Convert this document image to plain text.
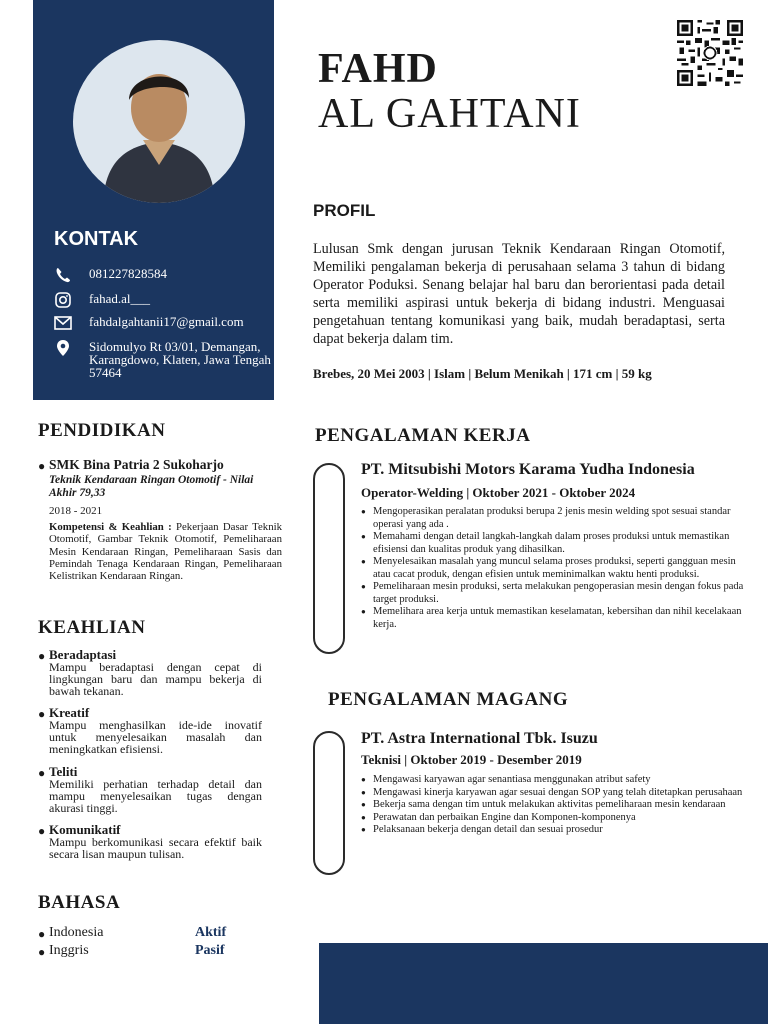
KONTAK
081227828584
fahad.al___
fahdalgahtanii17@gmail.com
Sidomulyo Rt 03/01, Demangan, Karangdowo, Klaten, Jawa Tengah 57464
FAHD
AL GAHTANI
PROFIL
Lulusan Smk dengan jurusan Teknik Kendaraan Ringan Otomotif, Memiliki pengalaman bekerja di perusahaan selama 3 tahun di bidang Operator Poduksi. Senang belajar hal baru dan berorientasi pada detail serta memiliki aspirasi untuk bekerja di bidang industri. Menguasai pengetahuan tentang komunikasi yang baik, mudah beradaptasi, serta dapat bekerja dalam tim.
Brebes, 20 Mei 2003 | Islam | Belum Menikah | 171 cm | 59 kg
PENDIDIKAN
● SMK Bina Patria 2 Sukoharjo
Teknik Kendaraan Ringan Otomotif - Nilai Akhir 79,33
2018 - 2021
Kompetensi & Keahlian : Pekerjaan Dasar Teknik Otomotif, Gambar Teknik Otomotif, Pemeliharaan Mesin Kendaraan Ringan, Pemeliharaan Sasis dan Pemindah Tenaga Kendaraan Ringan, Pemeliharaan Kelistrikan Kendaraan Ringan.
KEAHLIAN
● Beradaptasi
Mampu beradaptasi dengan cepat di lingkungan baru dan mampu bekerja di bawah tekanan.
● Kreatif
Mampu menghasilkan ide-ide inovatif untuk menyelesaikan masalah dan meningkatkan efisiensi.
● Teliti
Memiliki perhatian terhadap detail dan mampu menyelesaikan tugas dengan akurasi tinggi.
● Komunikatif
Mampu berkomunikasi secara efektif baik secara lisan maupun tulisan.
BAHASA
● Indonesia	Aktif
● Inggris	Pasif
PENGALAMAN KERJA
PT. Mitsubishi Motors Karama Yudha Indonesia
Operator-Welding | Oktober 2021 - Oktober 2024
● Mengoperasikan peralatan produksi berupa 2 jenis mesin welding spot sesuai standar operasi yang ada .
● Memahami dengan detail langkah-langkah dalam proses produksi untuk memastikan efisiensi dan kualitas produk yang dihasilkan.
● Menyelesaikan masalah yang muncul selama proses produksi, seperti gangguan mesin atau cacat produk, dengan efisien untuk meminimalkan waktu henti produksi.
● Pemeliharaan mesin produksi, serta melakukan pengoperasian mesin dengan fokus pada target produksi.
● Memelihara area kerja untuk memastikan keselamatan, kebersihan dan nihil kecelakaan kerja.
PENGALAMAN MAGANG
PT. Astra International Tbk. Isuzu
Teknisi | Oktober 2019 - Desember 2019
● Mengawasi karyawan agar senantiasa menggunakan atribut safety
● Mengawasi kinerja karyawan agar sesuai dengan SOP yang telah ditetapkan perusahaan
● Bekerja sama dengan tim untuk melakukan aktivitas pemeliharaan mesin kendaraan
● Perawatan dan perbaikan Engine dan Komponen-komponenya
● Pelaksanaan bekerja dengan detail dan sesuai prosedur
